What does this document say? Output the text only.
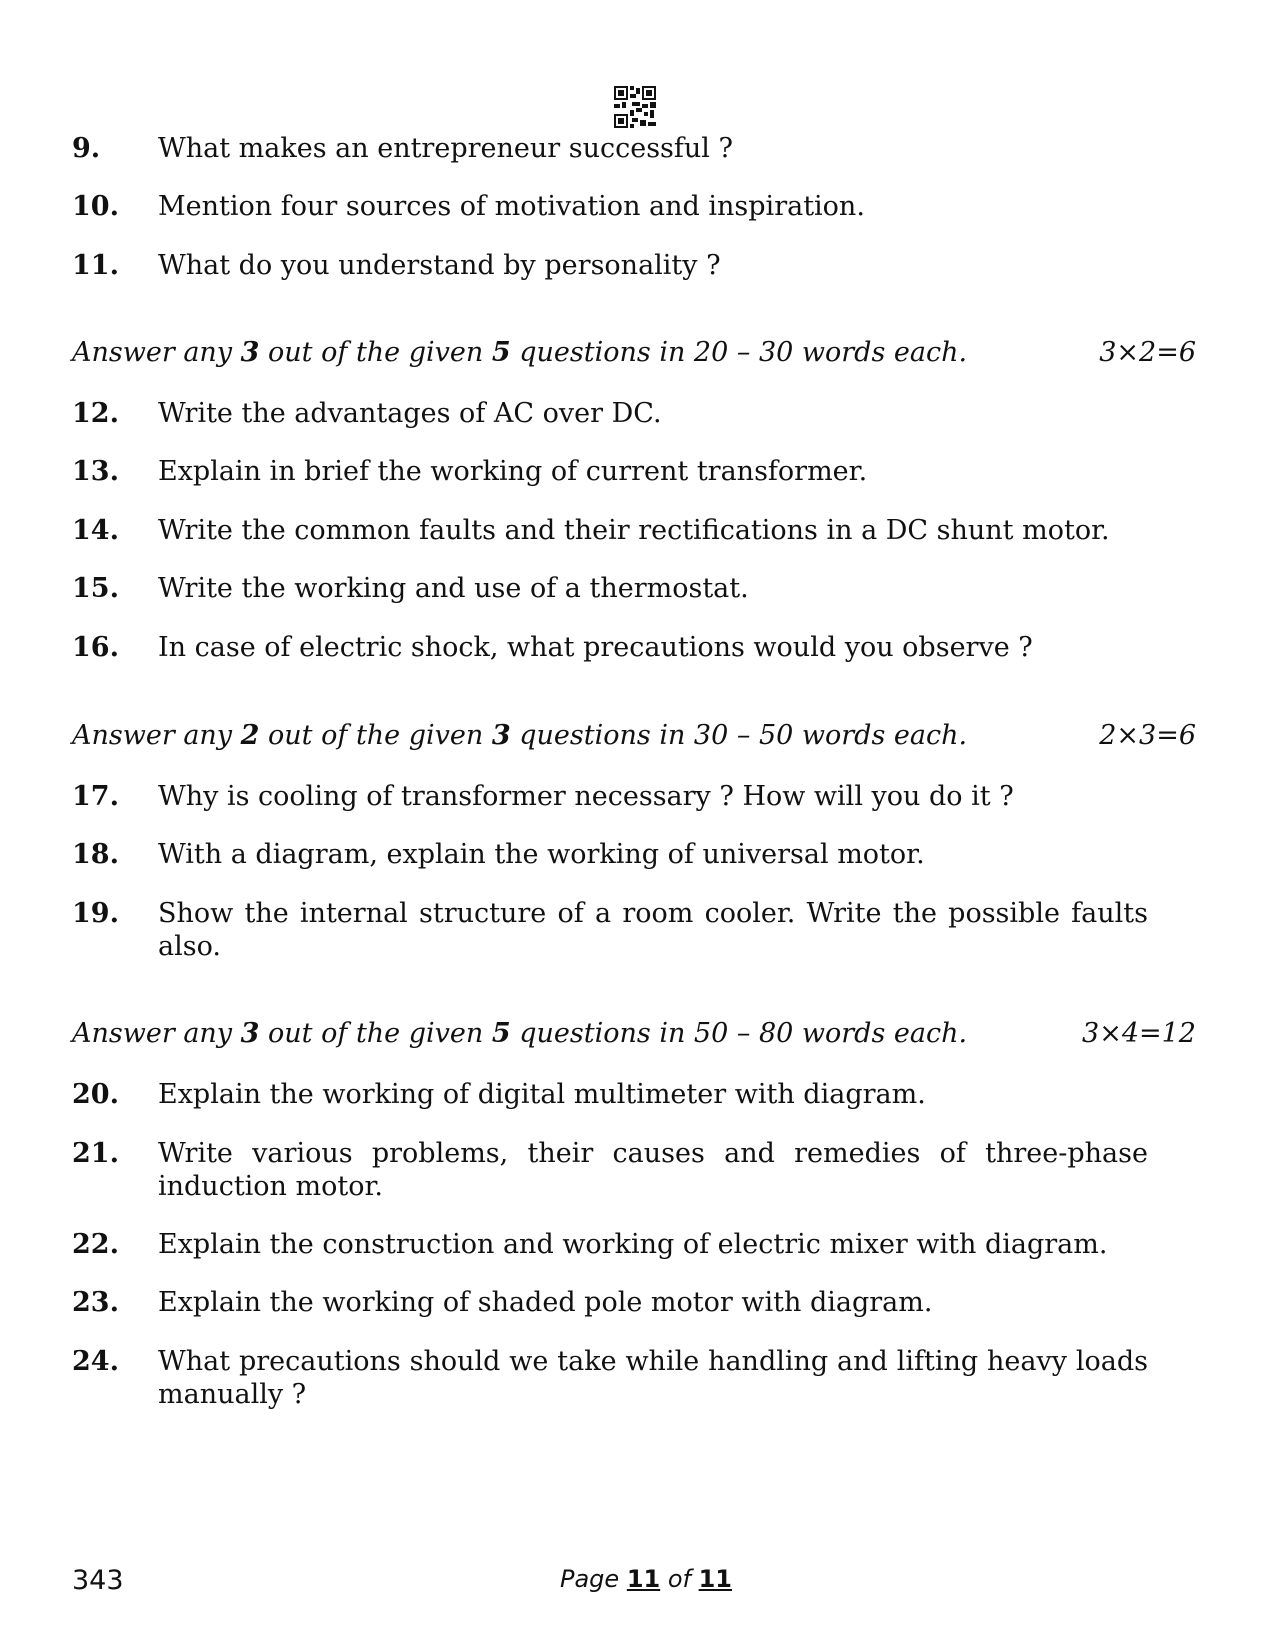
9. What makes an entrepreneur successful ?
10. Mention four sources of motivation and inspiration.
11. What do you understand by personality ?
Answer any 3 out of the given 5 questions in 20 – 30 words each.	3×2=6
12. Write the advantages of AC over DC.
13. Explain in brief the working of current transformer.
14. Write the common faults and their rectifications in a DC shunt motor.
15. Write the working and use of a thermostat.
16. In case of electric shock, what precautions would you observe ?
Answer any 2 out of the given 3 questions in 30 – 50 words each.	2×3=6
17. Why is cooling of transformer necessary ? How will you do it ?
18. With a diagram, explain the working of universal motor.
19. Show the internal structure of a room cooler. Write the possible faults also.
Answer any 3 out of the given 5 questions in 50 – 80 words each.	3×4=12
20. Explain the working of digital multimeter with diagram.
21. Write various problems, their causes and remedies of three-phase induction motor.
22. Explain the construction and working of electric mixer with diagram.
23. Explain the working of shaded pole motor with diagram.
24. What precautions should we take while handling and lifting heavy loads manually ?
343	Page 11 of 11
